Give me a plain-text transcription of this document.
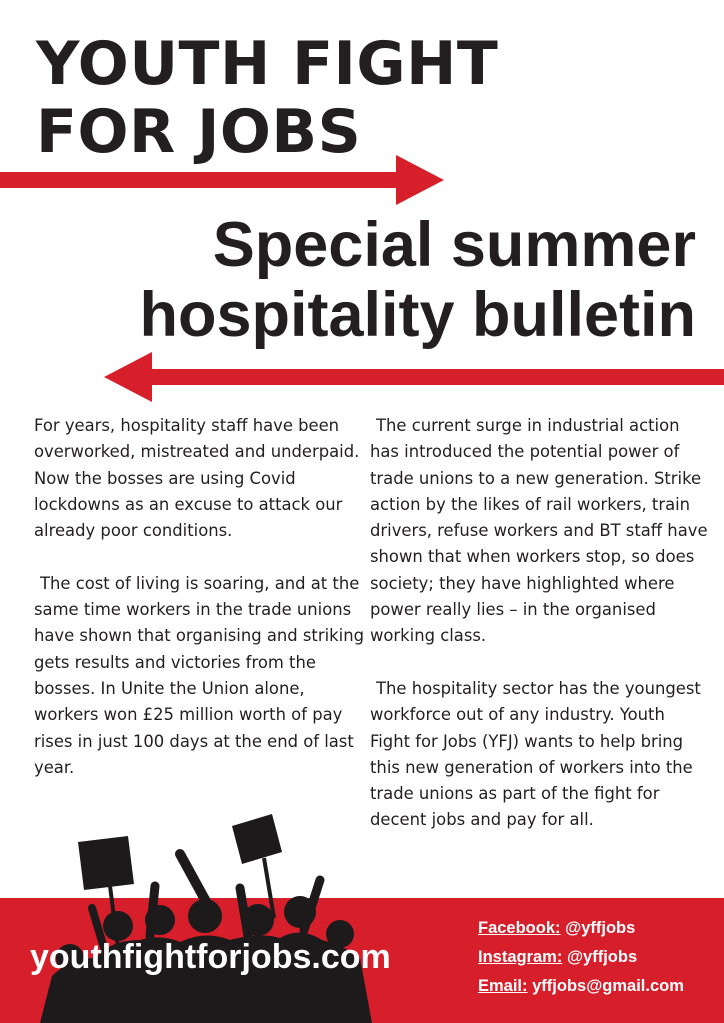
YOUTH FIGHT
FOR JOBS
Special summer
hospitality bulletin

For years, hospitality staff have been overworked, mistreated and underpaid. Now the bosses are using Covid lockdowns as an excuse to attack our already poor conditions.

The cost of living is soaring, and at the same time workers in the trade unions have shown that organising and striking gets results and victories from the bosses. In Unite the Union alone, workers won £25 million worth of pay rises in just 100 days at the end of last year.

The current surge in industrial action has introduced the potential power of trade unions to a new generation. Strike action by the likes of rail workers, train drivers, refuse workers and BT staff have shown that when workers stop, so does society; they have highlighted where power really lies – in the organised working class.

The hospitality sector has the youngest workforce out of any industry. Youth Fight for Jobs (YFJ) wants to help bring this new generation of workers into the trade unions as part of the fight for decent jobs and pay for all.

youthfightforjobs.com
Facebook: @yffjobs
Instagram: @yffjobs
Email: yffjobs@gmail.com
